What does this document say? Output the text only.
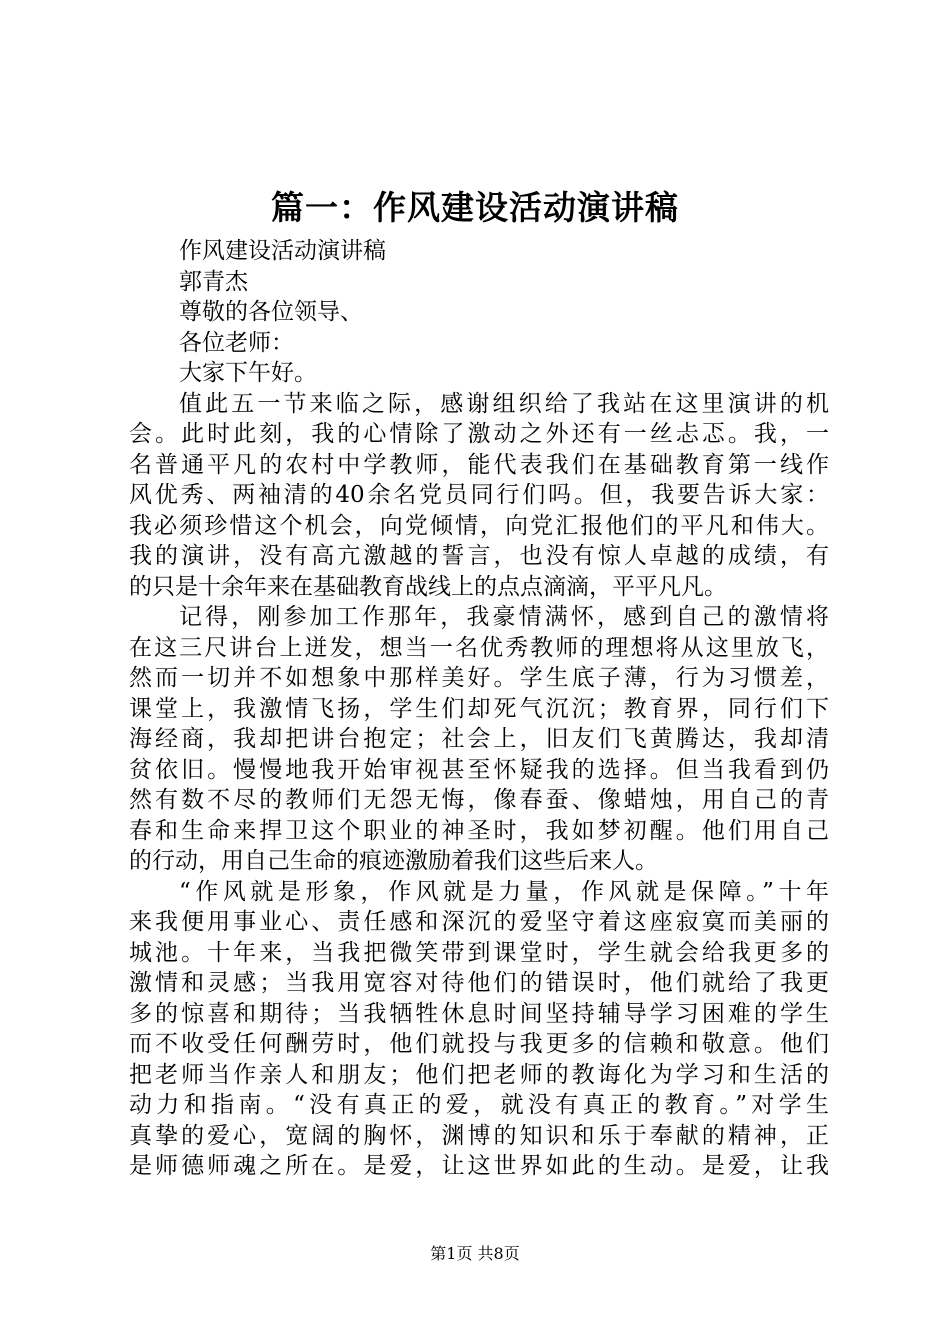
篇一：作风建设活动演讲稿
作风建设活动演讲稿
郭青杰
尊敬的各位领导、
各位老师：
大家下午好。
值此五一节来临之际，感谢组织给了我站在这里演讲的机
会。此时此刻，我的心情除了激动之外还有一丝忐忑。我，一
名普通平凡的农村中学教师，能代表我们在基础教育第一线作
风优秀、两袖清的40余名党员同行们吗。但，我要告诉大家：
我必须珍惜这个机会，向党倾情，向党汇报他们的平凡和伟大。
我的演讲，没有高亢激越的誓言，也没有惊人卓越的成绩，有
的只是十余年来在基础教育战线上的点点滴滴，平平凡凡。
记得，刚参加工作那年，我豪情满怀，感到自己的激情将
在这三尺讲台上迸发，想当一名优秀教师的理想将从这里放飞，
然而一切并不如想象中那样美好。学生底子薄，行为习惯差，
课堂上，我激情飞扬，学生们却死气沉沉；教育界，同行们下
海经商，我却把讲台抱定；社会上，旧友们飞黄腾达，我却清
贫依旧。慢慢地我开始审视甚至怀疑我的选择。但当我看到仍
然有数不尽的教师们无怨无悔，像春蚕、像蜡烛，用自己的青
春和生命来捍卫这个职业的神圣时，我如梦初醒。他们用自己
的行动，用自己生命的痕迹激励着我们这些后来人。
“作风就是形象，作风就是力量，作风就是保障。”十年
来我便用事业心、责任感和深沉的爱坚守着这座寂寞而美丽的
城池。十年来，当我把微笑带到课堂时，学生就会给我更多的
激情和灵感；当我用宽容对待他们的错误时，他们就给了我更
多的惊喜和期待；当我牺牲休息时间坚持辅导学习困难的学生
而不收受任何酬劳时，他们就投与我更多的信赖和敬意。他们
把老师当作亲人和朋友；他们把老师的教诲化为学习和生活的
动力和指南。“没有真正的爱，就没有真正的教育。”对学生
真挚的爱心，宽阔的胸怀，渊博的知识和乐于奉献的精神，正
是师德师魂之所在。是爱，让这世界如此的生动。是爱，让我
第1页 共8页
